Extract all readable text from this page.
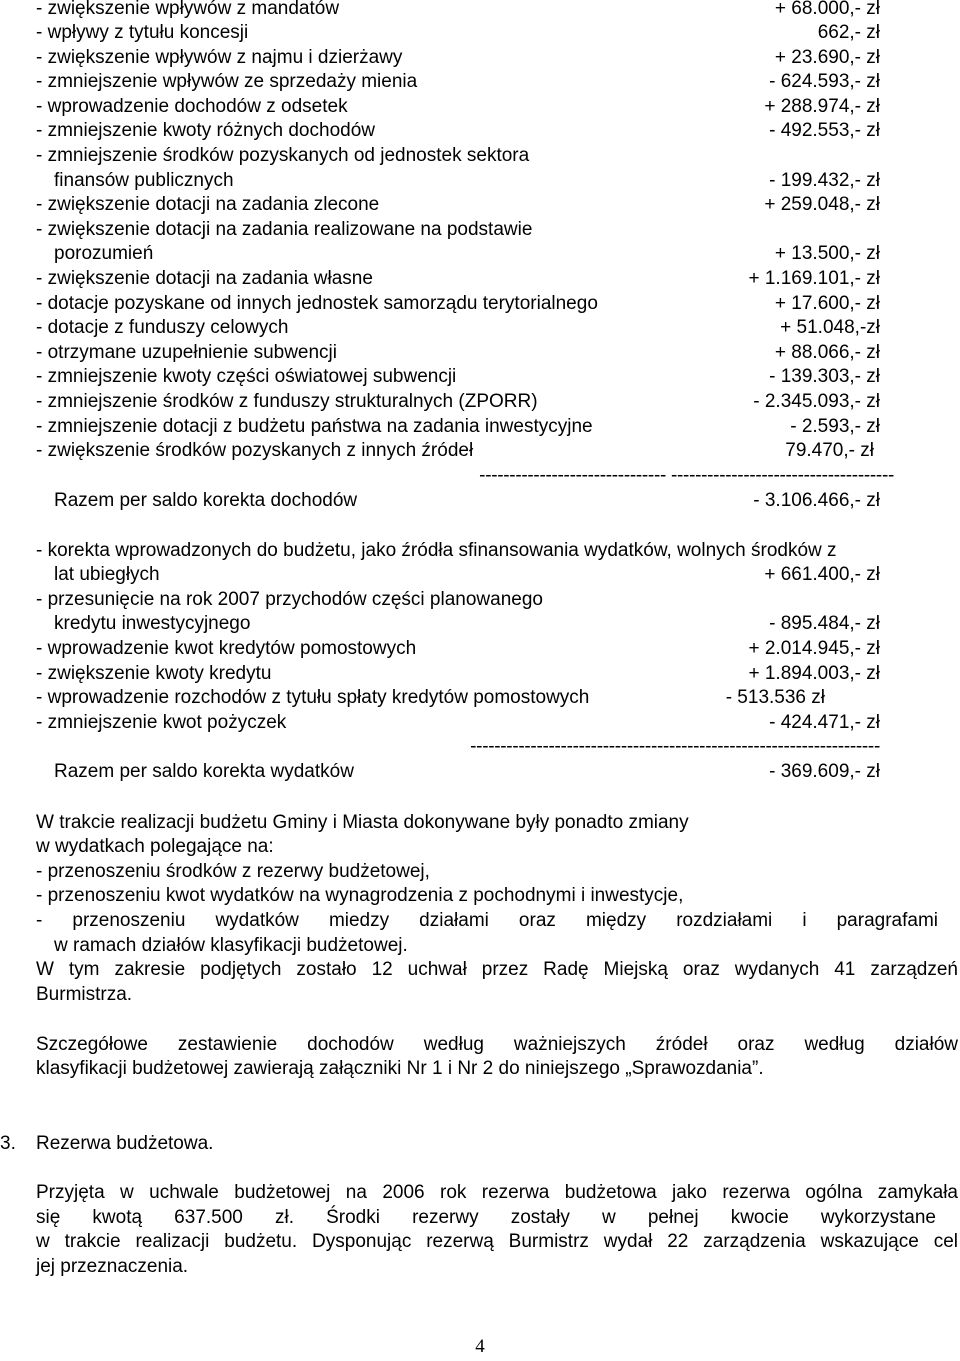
- zwiększenie wpływów z mandatów	+ 68.000,- zł
- wpływy z tytułu koncesji	662,- zł
- zwiększenie wpływów z najmu i dzierżawy	+ 23.690,- zł
- zmniejszenie wpływów ze sprzedaży mienia	- 624.593,- zł
- wprowadzenie dochodów z odsetek	+ 288.974,- zł
- zmniejszenie kwoty różnych dochodów	- 492.553,- zł
- zmniejszenie środków pozyskanych od jednostek sektora
finansów publicznych	- 199.432,- zł
- zwiększenie dotacji na zadania zlecone	+ 259.048,- zł
- zwiększenie dotacji na zadania realizowane na podstawie
porozumień	+ 13.500,- zł
- zwiększenie dotacji na zadania własne	+ 1.169.101,- zł
- dotacje pozyskane od innych jednostek samorządu terytorialnego	+ 17.600,- zł
- dotacje z funduszy celowych	+ 51.048,-zł
- otrzymane uzupełnienie subwencji	+ 88.066,- zł
- zmniejszenie kwoty części oświatowej subwencji	- 139.303,- zł
- zmniejszenie środków z funduszy strukturalnych (ZPORR)	- 2.345.093,- zł
- zmniejszenie dotacji z budżetu państwa na zadania inwestycyjne	- 2.593,- zł
- zwiększenie środków pozyskanych z innych źródeł	79.470,- zł
------------------------------- -------------------------------------
Razem per saldo korekta dochodów	- 3.106.466,- zł
- korekta wprowadzonych do budżetu, jako źródła sfinansowania wydatków, wolnych środków z
lat ubiegłych	+ 661.400,- zł
- przesunięcie na rok 2007 przychodów części planowanego
kredytu inwestycyjnego	- 895.484,- zł
- wprowadzenie kwot kredytów pomostowych	+ 2.014.945,- zł
- zwiększenie kwoty kredytu	+ 1.894.003,- zł
- wprowadzenie rozchodów z tytułu spłaty kredytów pomostowych	- 513.536 zł
- zmniejszenie kwot pożyczek	- 424.471,- zł
--------------------------------------------------------------------
Razem per saldo korekta wydatków	- 369.609,- zł
W trakcie realizacji budżetu Gminy i Miasta dokonywane były ponadto zmiany
w wydatkach polegające na:
- przenoszeniu środków z rezerwy budżetowej,
- przenoszeniu kwot wydatków na wynagrodzenia z pochodnymi i inwestycje,
- przenoszeniu wydatków miedzy działami oraz między rozdziałami i paragrafami
w ramach działów klasyfikacji budżetowej.
W tym zakresie podjętych zostało 12 uchwał przez Radę Miejską oraz wydanych 41 zarządzeń
Burmistrza.
Szczegółowe zestawienie dochodów według ważniejszych źródeł oraz według działów
klasyfikacji budżetowej zawierają załączniki Nr 1 i Nr 2 do niniejszego „Sprawozdania”.
3. Rezerwa budżetowa.
Przyjęta w uchwale budżetowej na 2006 rok rezerwa budżetowa jako rezerwa ogólna zamykała
się kwotą 637.500 zł. Środki rezerwy zostały w pełnej kwocie wykorzystane
w trakcie realizacji budżetu. Dysponując rezerwą Burmistrz wydał 22 zarządzenia wskazujące cel
jej przeznaczenia.
4
